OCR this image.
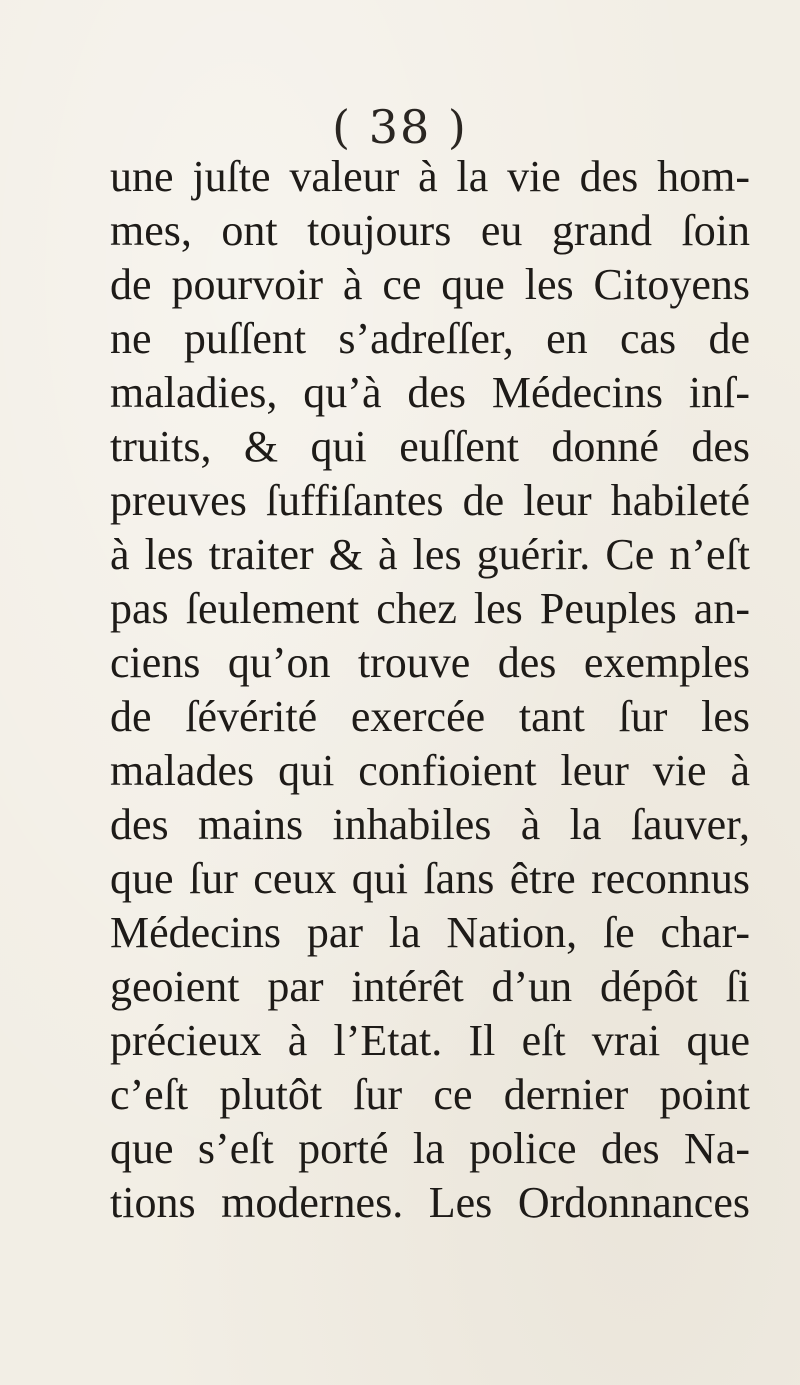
( 38 )
une juſte valeur à la vie des hom-
mes, ont toujours eu grand ſoin
de pourvoir à ce que les Citoyens
ne puſſent s’adreſſer, en cas de
maladies, qu’à des Médecins inſ-
truits, & qui euſſent donné des
preuves ſuffiſantes de leur habileté
à les traiter & à les guérir. Ce n’eſt
pas ſeulement chez les Peuples an-
ciens qu’on trouve des exemples
de ſévérité exercée tant ſur les
malades qui confioient leur vie à
des mains inhabiles à la ſauver,
que ſur ceux qui ſans être reconnus
Médecins par la Nation, ſe char-
geoient par intérêt d’un dépôt ſi
précieux à l’Etat. Il eſt vrai que
c’eſt plutôt ſur ce dernier point
que s’eſt porté la police des Na-
tions modernes. Les Ordonnances
